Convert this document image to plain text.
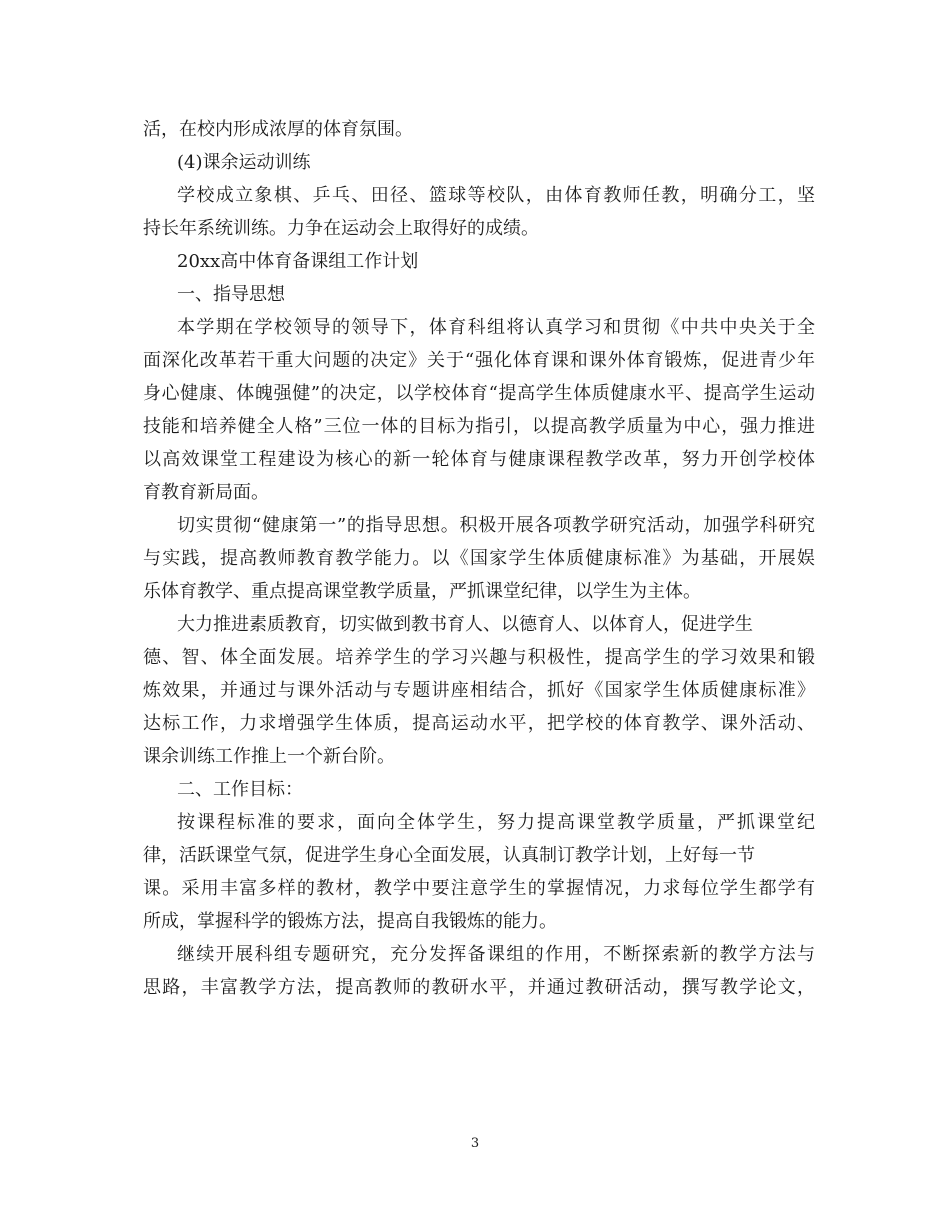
活，在校内形成浓厚的体育氛围。
(4)课余运动训练
学校成立象棋、乒乓、田径、篮球等校队，由体育教师任教，明确分工，坚
持长年系统训练。力争在运动会上取得好的成绩。
20xx高中体育备课组工作计划
一、指导思想
本学期在学校领导的领导下，体育科组将认真学习和贯彻《中共中央关于全
面深化改革若干重大问题的决定》关于“强化体育课和课外体育锻炼，促进青少年
身心健康、体魄强健”的决定，以学校体育“提高学生体质健康水平、提高学生运动
技能和培养健全人格”三位一体的目标为指引，以提高教学质量为中心，强力推进
以高效课堂工程建设为核心的新一轮体育与健康课程教学改革，努力开创学校体
育教育新局面。
切实贯彻“健康第一”的指导思想。积极开展各项教学研究活动，加强学科研究
与实践，提高教师教育教学能力。以《国家学生体质健康标准》为基础，开展娱
乐体育教学、重点提高课堂教学质量，严抓课堂纪律，以学生为主体。
大力推进素质教育，切实做到教书育人、以德育人、以体育人，促进学生
德、智、体全面发展。培养学生的学习兴趣与积极性，提高学生的学习效果和锻
炼效果，并通过与课外活动与专题讲座相结合，抓好《国家学生体质健康标准》
达标工作，力求增强学生体质，提高运动水平，把学校的体育教学、课外活动、
课余训练工作推上一个新台阶。
二、工作目标：
按课程标准的要求，面向全体学生，努力提高课堂教学质量，严抓课堂纪
律，活跃课堂气氛，促进学生身心全面发展，认真制订教学计划，上好每一节
课。采用丰富多样的教材，教学中要注意学生的掌握情况，力求每位学生都学有
所成，掌握科学的锻炼方法，提高自我锻炼的能力。
继续开展科组专题研究，充分发挥备课组的作用，不断探索新的教学方法与
思路，丰富教学方法，提高教师的教研水平，并通过教研活动，撰写教学论文，
3
